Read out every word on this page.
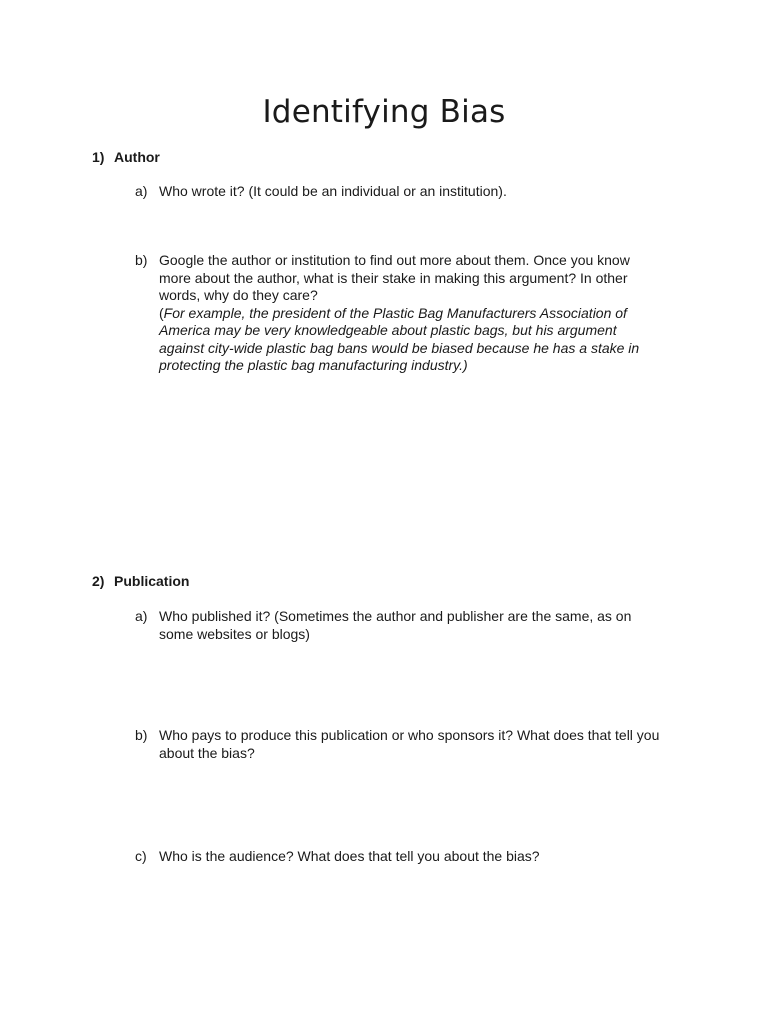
Identifying Bias
1) Author
a) Who wrote it? (It could be an individual or an institution).
b) Google the author or institution to find out more about them. Once you know more about the author, what is their stake in making this argument? In other words, why do they care?
(For example, the president of the Plastic Bag Manufacturers Association of America may be very knowledgeable about plastic bags, but his argument against city-wide plastic bag bans would be biased because he has a stake in protecting the plastic bag manufacturing industry.)
2) Publication
a) Who published it? (Sometimes the author and publisher are the same, as on some websites or blogs)
b) Who pays to produce this publication or who sponsors it? What does that tell you about the bias?
c) Who is the audience? What does that tell you about the bias?
